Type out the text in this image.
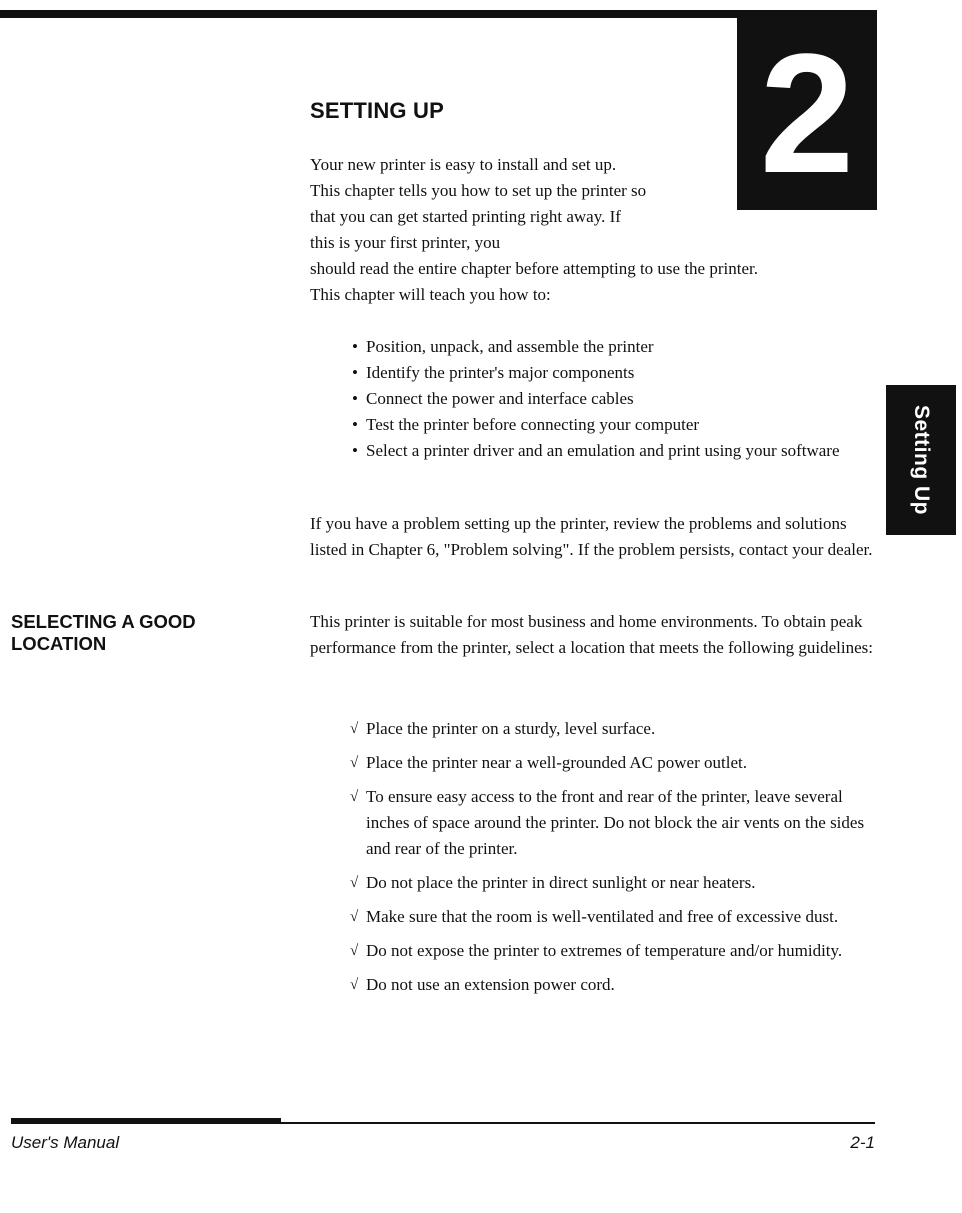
2
SETTING UP

Your new printer is easy to install and set up.
This chapter tells you how to set up the printer so
that you can get started printing right away. If
this is your first printer, you
should read the entire chapter before attempting to use the printer.
This chapter will teach you how to:

• Position, unpack, and assemble the printer
• Identify the printer's major components
• Connect the power and interface cables
• Test the printer before connecting your computer
• Select a printer driver and an emulation and print using your software

If you have a problem setting up the printer, review the problems and solutions listed in Chapter 6, "Problem solving". If the problem persists, contact your dealer.

SELECTING A GOOD LOCATION

This printer is suitable for most business and home environments. To obtain peak performance from the printer, select a location that meets the following guidelines:

√ Place the printer on a sturdy, level surface.
√ Place the printer near a well-grounded AC power outlet.
√ To ensure easy access to the front and rear of the printer, leave several inches of space around the printer. Do not block the air vents on the sides and rear of the printer.
√ Do not place the printer in direct sunlight or near heaters.
√ Make sure that the room is well-ventilated and free of excessive dust.
√ Do not expose the printer to extremes of temperature and/or humidity.
√ Do not use an extension power cord.
Setting Up
User's Manual	2-1
